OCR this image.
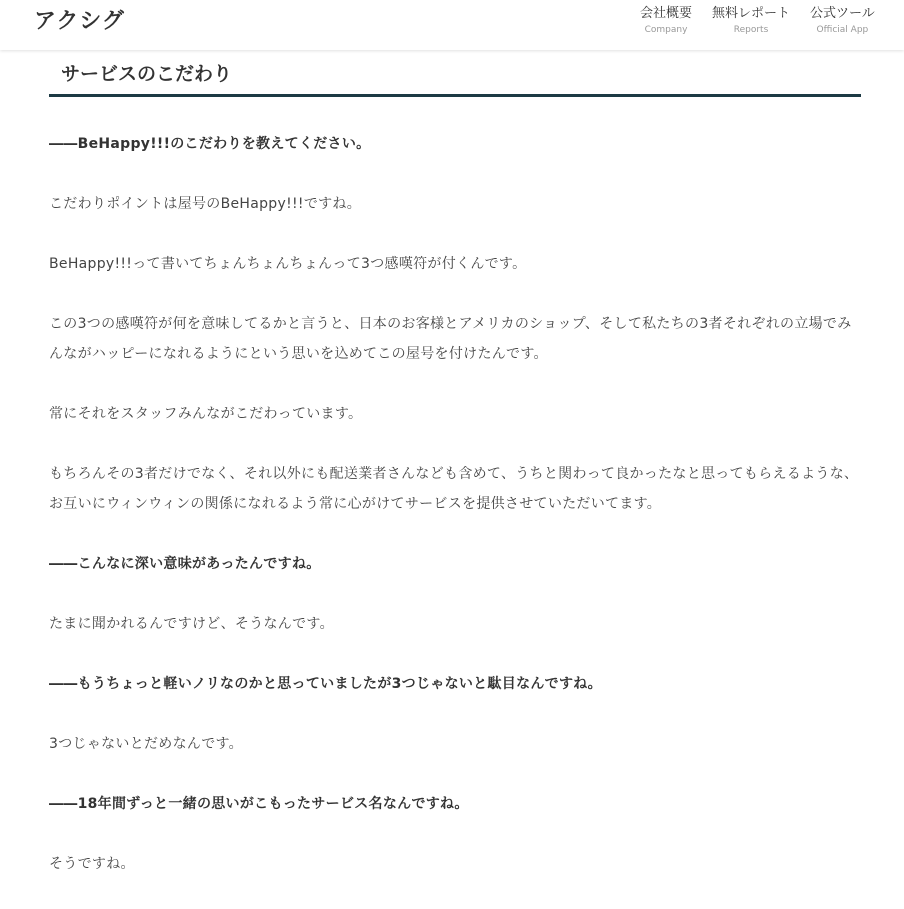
アクシグ	会社概要
Company
無料レポート
Reports
公式ツール
Official App
サービスのこだわり

――BeHappy!!!のこだわりを教えてください。

こだわりポイントは屋号のBeHappy!!!ですね。

BeHappy!!!って書いてちょんちょんちょんって3つ感嘆符が付くんです。

この3つの感嘆符が何を意味してるかと言うと、日本のお客様とアメリカのショップ、そして私たちの3者それぞれの立場でみんながハッピーになれるようにという思いを込めてこの屋号を付けたんです。

常にそれをスタッフみんながこだわっています。

もちろんその3者だけでなく、それ以外にも配送業者さんなども含めて、うちと関わって良かったなと思ってもらえるような、お互いにウィンウィンの関係になれるよう常に心がけてサービスを提供させていただいてます。

――こんなに深い意味があったんですね。

たまに聞かれるんですけど、そうなんです。

――もうちょっと軽いノリなのかと思っていましたが3つじゃないと駄目なんですね。

3つじゃないとだめなんです。

――18年間ずっと一緒の思いがこもったサービス名なんですね。

そうですね。
